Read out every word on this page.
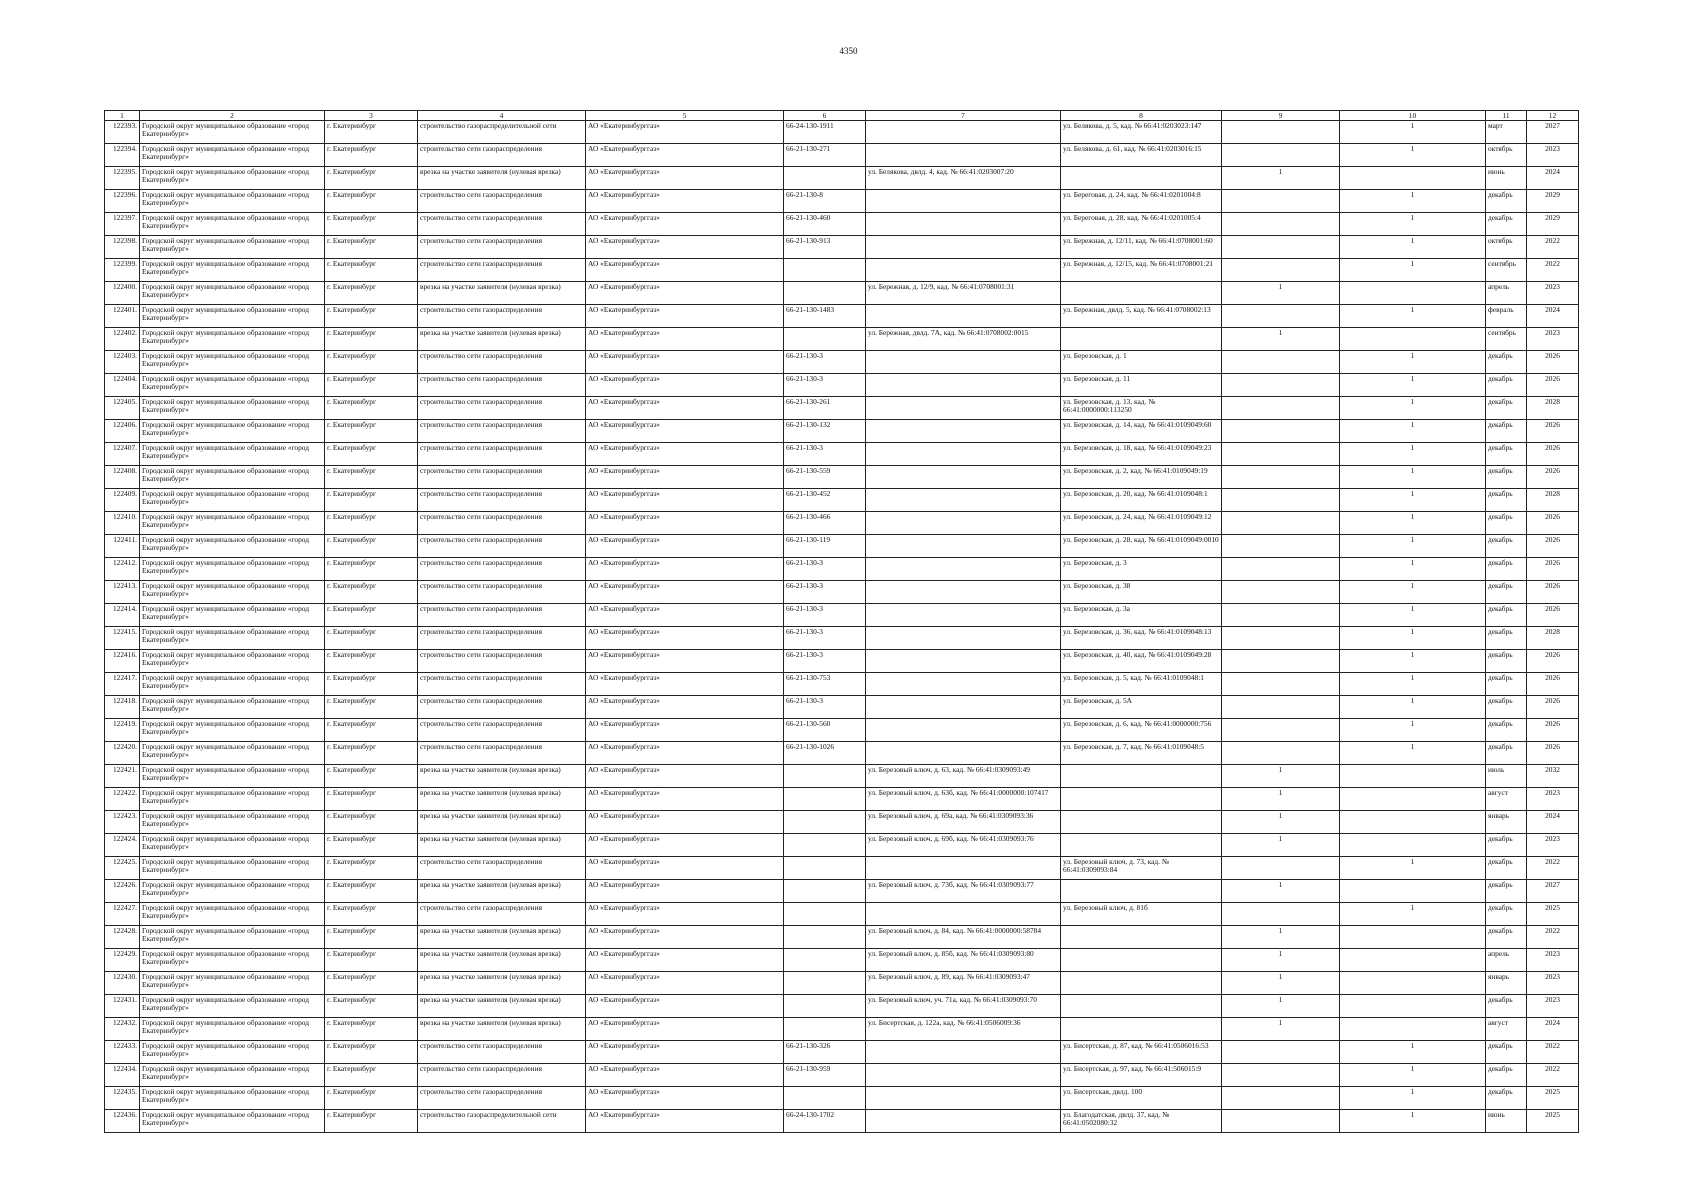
4350
1	2	3	4	5	6	7	8	9	10	11	12
122393.	Городской округ муниципальное образование «город Екатеринбург»	г. Екатеринбург	строительство газораспределительной сети	АО «Екатеринбурггаз»	66-24-130-1911		ул. Белякова, д. 5, кад. № 66:41:0203023:147		1	март	2027
122394.	Городской округ муниципальное образование «город Екатеринбург»	г. Екатеринбург	строительство сети газораспределения	АО «Екатеринбурггаз»	66-21-130-271		ул. Белякова, д. 61, кад. № 66:41:0203016:15		1	октябрь	2023
122395.	Городской округ муниципальное образование «город Екатеринбург»	г. Екатеринбург	врезка на участке заявителя (нулевая врезка)	АО «Екатеринбурггаз»		ул. Белякова, двлд. 4, кад. № 66:41:0203007:20		1		июнь	2024
122396.	Городской округ муниципальное образование «город Екатеринбург»	г. Екатеринбург	строительство сети газораспределения	АО «Екатеринбурггаз»	66-21-130-8		ул. Береговая, д. 24, кад. № 66:41:0201004:8		1	декабрь	2029
122397.	Городской округ муниципальное образование «город Екатеринбург»	г. Екатеринбург	строительство сети газораспределения	АО «Екатеринбурггаз»	66-21-130-460		ул. Береговая, д. 28, кад. № 66:41:0201005:4		1	декабрь	2029
122398.	Городской округ муниципальное образование «город Екатеринбург»	г. Екатеринбург	строительство сети газораспределения	АО «Екатеринбурггаз»	66-21-130-913		ул. Бережная, д. 12/11, кад. № 66:41:0708001:60		1	октябрь	2022
122399.	Городской округ муниципальное образование «город Екатеринбург»	г. Екатеринбург	строительство сети газораспределения	АО «Екатеринбурггаз»			ул. Бережная, д. 12/15, кад. № 66:41:0708001:21		1	сентябрь	2022
122400.	Городской округ муниципальное образование «город Екатеринбург»	г. Екатеринбург	врезка на участке заявителя (нулевая врезка)	АО «Екатеринбурггаз»		ул. Бережная, д. 12/9, кад. № 66:41:0708001:31		1		апрель	2023
122401.	Городской округ муниципальное образование «город Екатеринбург»	г. Екатеринбург	строительство сети газораспределения	АО «Екатеринбурггаз»	66-21-130-1483		ул. Бережная, двлд. 5, кад. № 66:41:0708002:13		1	февраль	2024
122402.	Городской округ муниципальное образование «город Екатеринбург»	г. Екатеринбург	врезка на участке заявителя (нулевая врезка)	АО «Екатеринбурггаз»		ул. Бережная, двлд. 7А, кад. № 66:41:0708002:0015		1		сентябрь	2023
122403.	Городской округ муниципальное образование «город Екатеринбург»	г. Екатеринбург	строительство сети газораспределения	АО «Екатеринбурггаз»	66-21-130-3		ул. Березовская, д. 1		1	декабрь	2026
122404.	Городской округ муниципальное образование «город Екатеринбург»	г. Екатеринбург	строительство сети газораспределения	АО «Екатеринбурггаз»	66-21-130-3		ул. Березовская, д. 11		1	декабрь	2026
122405.	Городской округ муниципальное образование «город Екатеринбург»	г. Екатеринбург	строительство сети газораспределения	АО «Екатеринбурггаз»	66-21-130-261		ул. Березовская, д. 13, кад. № 66:41:0000000:113250		1	декабрь	2028
122406.	Городской округ муниципальное образование «город Екатеринбург»	г. Екатеринбург	строительство сети газораспределения	АО «Екатеринбурггаз»	66-21-130-132		ул. Березовская, д. 14, кад. № 66:41:0109049:60		1	декабрь	2026
122407.	Городской округ муниципальное образование «город Екатеринбург»	г. Екатеринбург	строительство сети газораспределения	АО «Екатеринбурггаз»	66-21-130-3		ул. Березовская, д. 18, кад. № 66:41:0109049:23		1	декабрь	2026
122408.	Городской округ муниципальное образование «город Екатеринбург»	г. Екатеринбург	строительство сети газораспределения	АО «Екатеринбурггаз»	66-21-130-559		ул. Березовская, д. 2, кад. № 66:41:0109049:19		1	декабрь	2026
122409.	Городской округ муниципальное образование «город Екатеринбург»	г. Екатеринбург	строительство сети газораспределения	АО «Екатеринбурггаз»	66-21-130-452		ул. Березовская, д. 20, кад. № 66:41:0109048:1		1	декабрь	2028
122410.	Городской округ муниципальное образование «город Екатеринбург»	г. Екатеринбург	строительство сети газораспределения	АО «Екатеринбурггаз»	66-21-130-466		ул. Березовская, д. 24, кад. № 66:41:0109049:12		1	декабрь	2026
122411.	Городской округ муниципальное образование «город Екатеринбург»	г. Екатеринбург	строительство сети газораспределения	АО «Екатеринбурггаз»	66-21-130-119		ул. Березовская, д. 28, кад. № 66:41:0109049:0010		1	декабрь	2026
122412.	Городской округ муниципальное образование «город Екатеринбург»	г. Екатеринбург	строительство сети газораспределения	АО «Екатеринбурггаз»	66-21-130-3		ул. Березовская, д. 3		1	декабрь	2026
122413.	Городской округ муниципальное образование «город Екатеринбург»	г. Екатеринбург	строительство сети газораспределения	АО «Екатеринбурггаз»	66-21-130-3		ул. Березовская, д. 38		1	декабрь	2026
122414.	Городской округ муниципальное образование «город Екатеринбург»	г. Екатеринбург	строительство сети газораспределения	АО «Екатеринбурггаз»	66-21-130-3		ул. Березовская, д. 3а		1	декабрь	2026
122415.	Городской округ муниципальное образование «город Екатеринбург»	г. Екатеринбург	строительство сети газораспределения	АО «Екатеринбурггаз»	66-21-130-3		ул. Березовская, д. 36, кад. № 66:41:0109048:13		1	декабрь	2028
122416.	Городской округ муниципальное образование «город Екатеринбург»	г. Екатеринбург	строительство сети газораспределения	АО «Екатеринбурггаз»	66-21-130-3		ул. Березовская, д. 40, кад. № 66:41:0109049:28		1	декабрь	2026
122417.	Городской округ муниципальное образование «город Екатеринбург»	г. Екатеринбург	строительство сети газораспределения	АО «Екатеринбурггаз»	66-21-130-753		ул. Березовская, д. 5, кад. № 66:41:0109048:1		1	декабрь	2026
122418.	Городской округ муниципальное образование «город Екатеринбург»	г. Екатеринбург	строительство сети газораспределения	АО «Екатеринбурггаз»	66-21-130-3		ул. Березовская, д. 5А		1	декабрь	2026
122419.	Городской округ муниципальное образование «город Екатеринбург»	г. Екатеринбург	строительство сети газораспределения	АО «Екатеринбурггаз»	66-21-130-560		ул. Березовская, д. 6, кад. № 66:41:0000000:756		1	декабрь	2026
122420.	Городской округ муниципальное образование «город Екатеринбург»	г. Екатеринбург	строительство сети газораспределения	АО «Екатеринбурггаз»	66-21-130-1026		ул. Березовская, д. 7, кад. № 66:41:0109048:5		1	декабрь	2026
122421.	Городской округ муниципальное образование «город Екатеринбург»	г. Екатеринбург	врезка на участке заявителя (нулевая врезка)	АО «Екатеринбурггаз»		ул. Березовый ключ, д. 63, кад. № 66:41:0309093:49		1		июль	2032
122422.	Городской округ муниципальное образование «город Екатеринбург»	г. Екатеринбург	врезка на участке заявителя (нулевая врезка)	АО «Екатеринбурггаз»		ул. Березовый ключ, д. 63б, кад. № 66:41:0000000:107417		1		август	2023
122423.	Городской округ муниципальное образование «город Екатеринбург»	г. Екатеринбург	врезка на участке заявителя (нулевая врезка)	АО «Екатеринбурггаз»		ул. Березовый ключ, д. 69а, кад. № 66:41:0309093:36		1		январь	2024
122424.	Городской округ муниципальное образование «город Екатеринбург»	г. Екатеринбург	врезка на участке заявителя (нулевая врезка)	АО «Екатеринбурггаз»		ул. Березовый ключ, д. 69б, кад. № 66:41:0309093:76		1		декабрь	2023
122425.	Городской округ муниципальное образование «город Екатеринбург»	г. Екатеринбург	строительство сети газораспределения	АО «Екатеринбурггаз»			ул. Березовый ключ, д. 73, кад. № 66:41:0309093:84		1	декабрь	2022
122426.	Городской округ муниципальное образование «город Екатеринбург»	г. Екатеринбург	врезка на участке заявителя (нулевая врезка)	АО «Екатеринбурггаз»		ул. Березовый ключ, д. 73б, кад. № 66:41:0309093:77		1		декабрь	2027
122427.	Городской округ муниципальное образование «город Екатеринбург»	г. Екатеринбург	строительство сети газораспределения	АО «Екатеринбурггаз»			ул. Березовый ключ, д. 81б		1	декабрь	2025
122428.	Городской округ муниципальное образование «город Екатеринбург»	г. Екатеринбург	врезка на участке заявителя (нулевая врезка)	АО «Екатеринбурггаз»		ул. Березовый ключ, д. 84, кад. № 66:41:0000000:58784		1		декабрь	2022
122429.	Городской округ муниципальное образование «город Екатеринбург»	г. Екатеринбург	врезка на участке заявителя (нулевая врезка)	АО «Екатеринбурггаз»		ул. Березовый ключ, д. 85б, кад. № 66:41:0309093:80		1		апрель	2023
122430.	Городской округ муниципальное образование «город Екатеринбург»	г. Екатеринбург	врезка на участке заявителя (нулевая врезка)	АО «Екатеринбурггаз»		ул. Березовый ключ, д. 89, кад. № 66:41:0309093:47		1		январь	2023
122431.	Городской округ муниципальное образование «город Екатеринбург»	г. Екатеринбург	врезка на участке заявителя (нулевая врезка)	АО «Екатеринбурггаз»		ул. Березовый ключ, уч. 71а, кад. № 66:41:0309093:70		1		декабрь	2023
122432.	Городской округ муниципальное образование «город Екатеринбург»	г. Екатеринбург	врезка на участке заявителя (нулевая врезка)	АО «Екатеринбурггаз»		ул. Бисертская, д. 122а, кад. № 66:41:0506009:36		1		август	2024
122433.	Городской округ муниципальное образование «город Екатеринбург»	г. Екатеринбург	строительство сети газораспределения	АО «Екатеринбурггаз»	66-21-130-326		ул. Бисертская, д. 87, кад. № 66:41:0506016:53		1	декабрь	2022
122434.	Городской округ муниципальное образование «город Екатеринбург»	г. Екатеринбург	строительство сети газораспределения	АО «Екатеринбурггаз»	66-21-130-959		ул. Бисертская, д. 97, кад. № 66:41:506015:9		1	декабрь	2022
122435.	Городской округ муниципальное образование «город Екатеринбург»	г. Екатеринбург	строительство сети газораспределения	АО «Екатеринбурггаз»			ул. Бисертская, двлд. 100		1	декабрь	2025
122436.	Городской округ муниципальное образование «город Екатеринбург»	г. Екатеринбург	строительство газораспределительной сети	АО «Екатеринбурггаз»	66-24-130-1702		ул. Благодатская, двлд. 37, кад. № 66:41:0502080:32		1	июнь	2025
